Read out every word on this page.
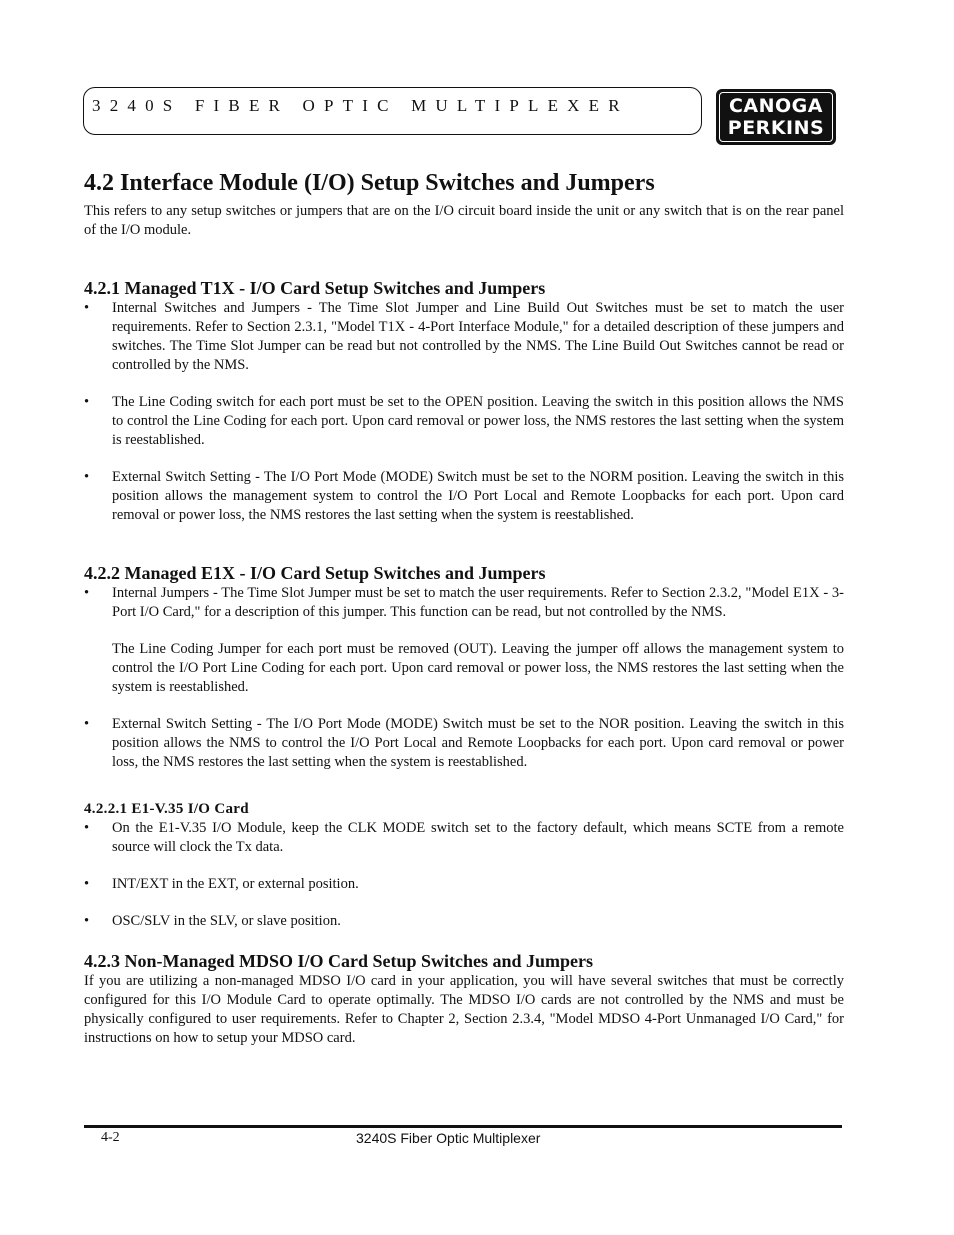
3240S FIBER OPTIC MULTIPLEXER	CANOGA
PERKINS
4.2 Interface Module (I/O) Setup Switches and Jumpers

This refers to any setup switches or jumpers that are on the I/O circuit board inside the unit or any switch that is on the rear panel of the I/O module.

4.2.1 Managed T1X - I/O Card Setup Switches and Jumpers
• Internal Switches and Jumpers - The Time Slot Jumper and Line Build Out Switches must be set to match the user requirements. Refer to Section 2.3.1, "Model T1X - 4-Port Interface Module," for a detailed description of these jumpers and switches. The Time Slot Jumper can be read but not controlled by the NMS. The Line Build Out Switches cannot be read or controlled by the NMS.
• The Line Coding switch for each port must be set to the OPEN position. Leaving the switch in this position allows the NMS to control the Line Coding for each port. Upon card removal or power loss, the NMS restores the last setting when the system is reestablished.
• External Switch Setting - The I/O Port Mode (MODE) Switch must be set to the NORM position. Leaving the switch in this position allows the management system to control the I/O Port Local and Remote Loopbacks for each port. Upon card removal or power loss, the NMS restores the last setting when the system is reestablished.
4.2.2 Managed E1X - I/O Card Setup Switches and Jumpers
• Internal Jumpers - The Time Slot Jumper must be set to match the user requirements. Refer to Section 2.3.2, "Model E1X - 3-Port I/O Card," for a description of this jumper. This function can be read, but not controlled by the NMS.

The Line Coding Jumper for each port must be removed (OUT). Leaving the jumper off allows the management system to control the I/O Port Line Coding for each port. Upon card removal or power loss, the NMS restores the last setting when the system is reestablished.

• External Switch Setting - The I/O Port Mode (MODE) Switch must be set to the NOR position. Leaving the switch in this position allows the NMS to control the I/O Port Local and Remote Loopbacks for each port. Upon card removal or power loss, the NMS restores the last setting when the system is reestablished.
4.2.2.1 E1-V.35 I/O Card
• On the E1-V.35 I/O Module, keep the CLK MODE switch set to the factory default, which means SCTE from a remote source will clock the Tx data.
• INT/EXT in the EXT, or external position.
• OSC/SLV in the SLV, or slave position.
4.2.3 Non-Managed MDSO I/O Card Setup Switches and Jumpers

If you are utilizing a non-managed MDSO I/O card in your application, you will have several switches that must be correctly configured for this I/O Module Card to operate optimally. The MDSO I/O cards are not controlled by the NMS and must be physically configured to user requirements. Refer to Chapter 2, Section 2.3.4, "Model MDSO 4-Port Unmanaged I/O Card," for instructions on how to setup your MDSO card.

4-2	3240S Fiber Optic Multiplexer
